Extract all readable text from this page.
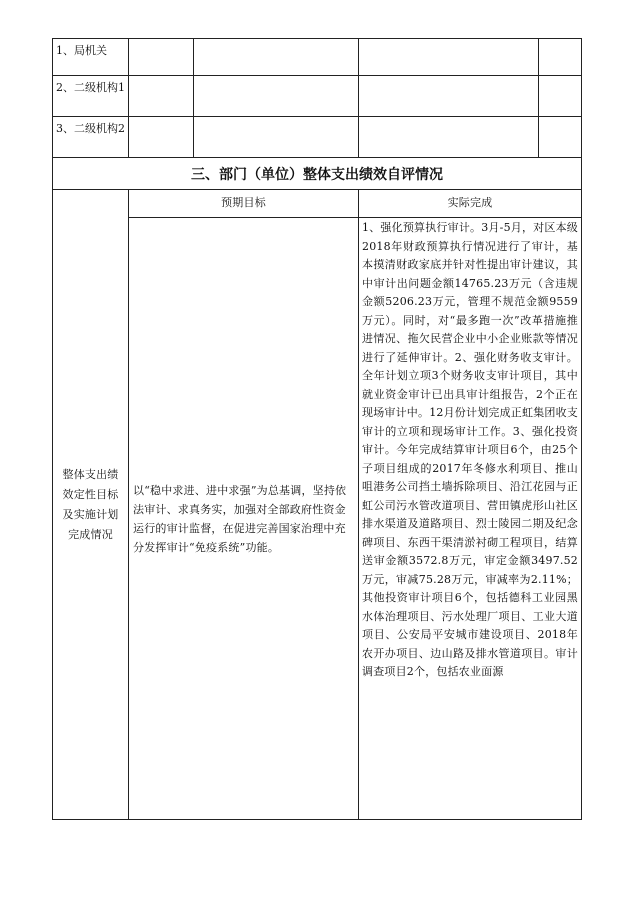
1、局机关
2、二级机构1
3、二级机构2
三、部门（单位）整体支出绩效自评情况
整体支出绩效定性目标及实施计划完成情况
预期目标	实际完成
以“稳中求进、进中求强”为总基调，坚持依法审计、求真务实，加强对全部政府性资金运行的审计监督，在促进完善国家治理中充分发挥审计“免疫系统”功能。
1、强化预算执行审计。3月-5月，对区本级2018年财政预算执行情况进行了审计，基本摸清财政家底并针对性提出审计建议，其中审计出问题金额14765.23万元（含违规金额5206.23万元，管理不规范金额9559万元）。同时，对“最多跑一次”改革措施推进情况、拖欠民营企业中小企业账款等情况进行了延伸审计。2、强化财务收支审计。全年计划立项3个财务收支审计项目，其中就业资金审计已出具审计组报告，2个正在现场审计中。12月份计划完成正虹集团收支审计的立项和现场审计工作。3、强化投资审计。今年完成结算审计项目6个，由25个子项目组成的2017年冬修水利项目、推山咀港务公司挡土墙拆除项目、沿江花园与正虹公司污水管改道项目、营田镇虎形山社区排水渠道及道路项目、烈士陵园二期及纪念碑项目、东西干渠清淤衬砌工程项目，结算送审金额3572.8万元，审定金额3497.52万元，审减75.28万元，审减率为2.11%；其他投资审计项目6个，包括德科工业园黑水体治理项目、污水处理厂项目、工业大道项目、公安局平安城市建设项目、2018年农开办项目、边山路及排水管道项目。审计调查项目2个，包括农业面源
